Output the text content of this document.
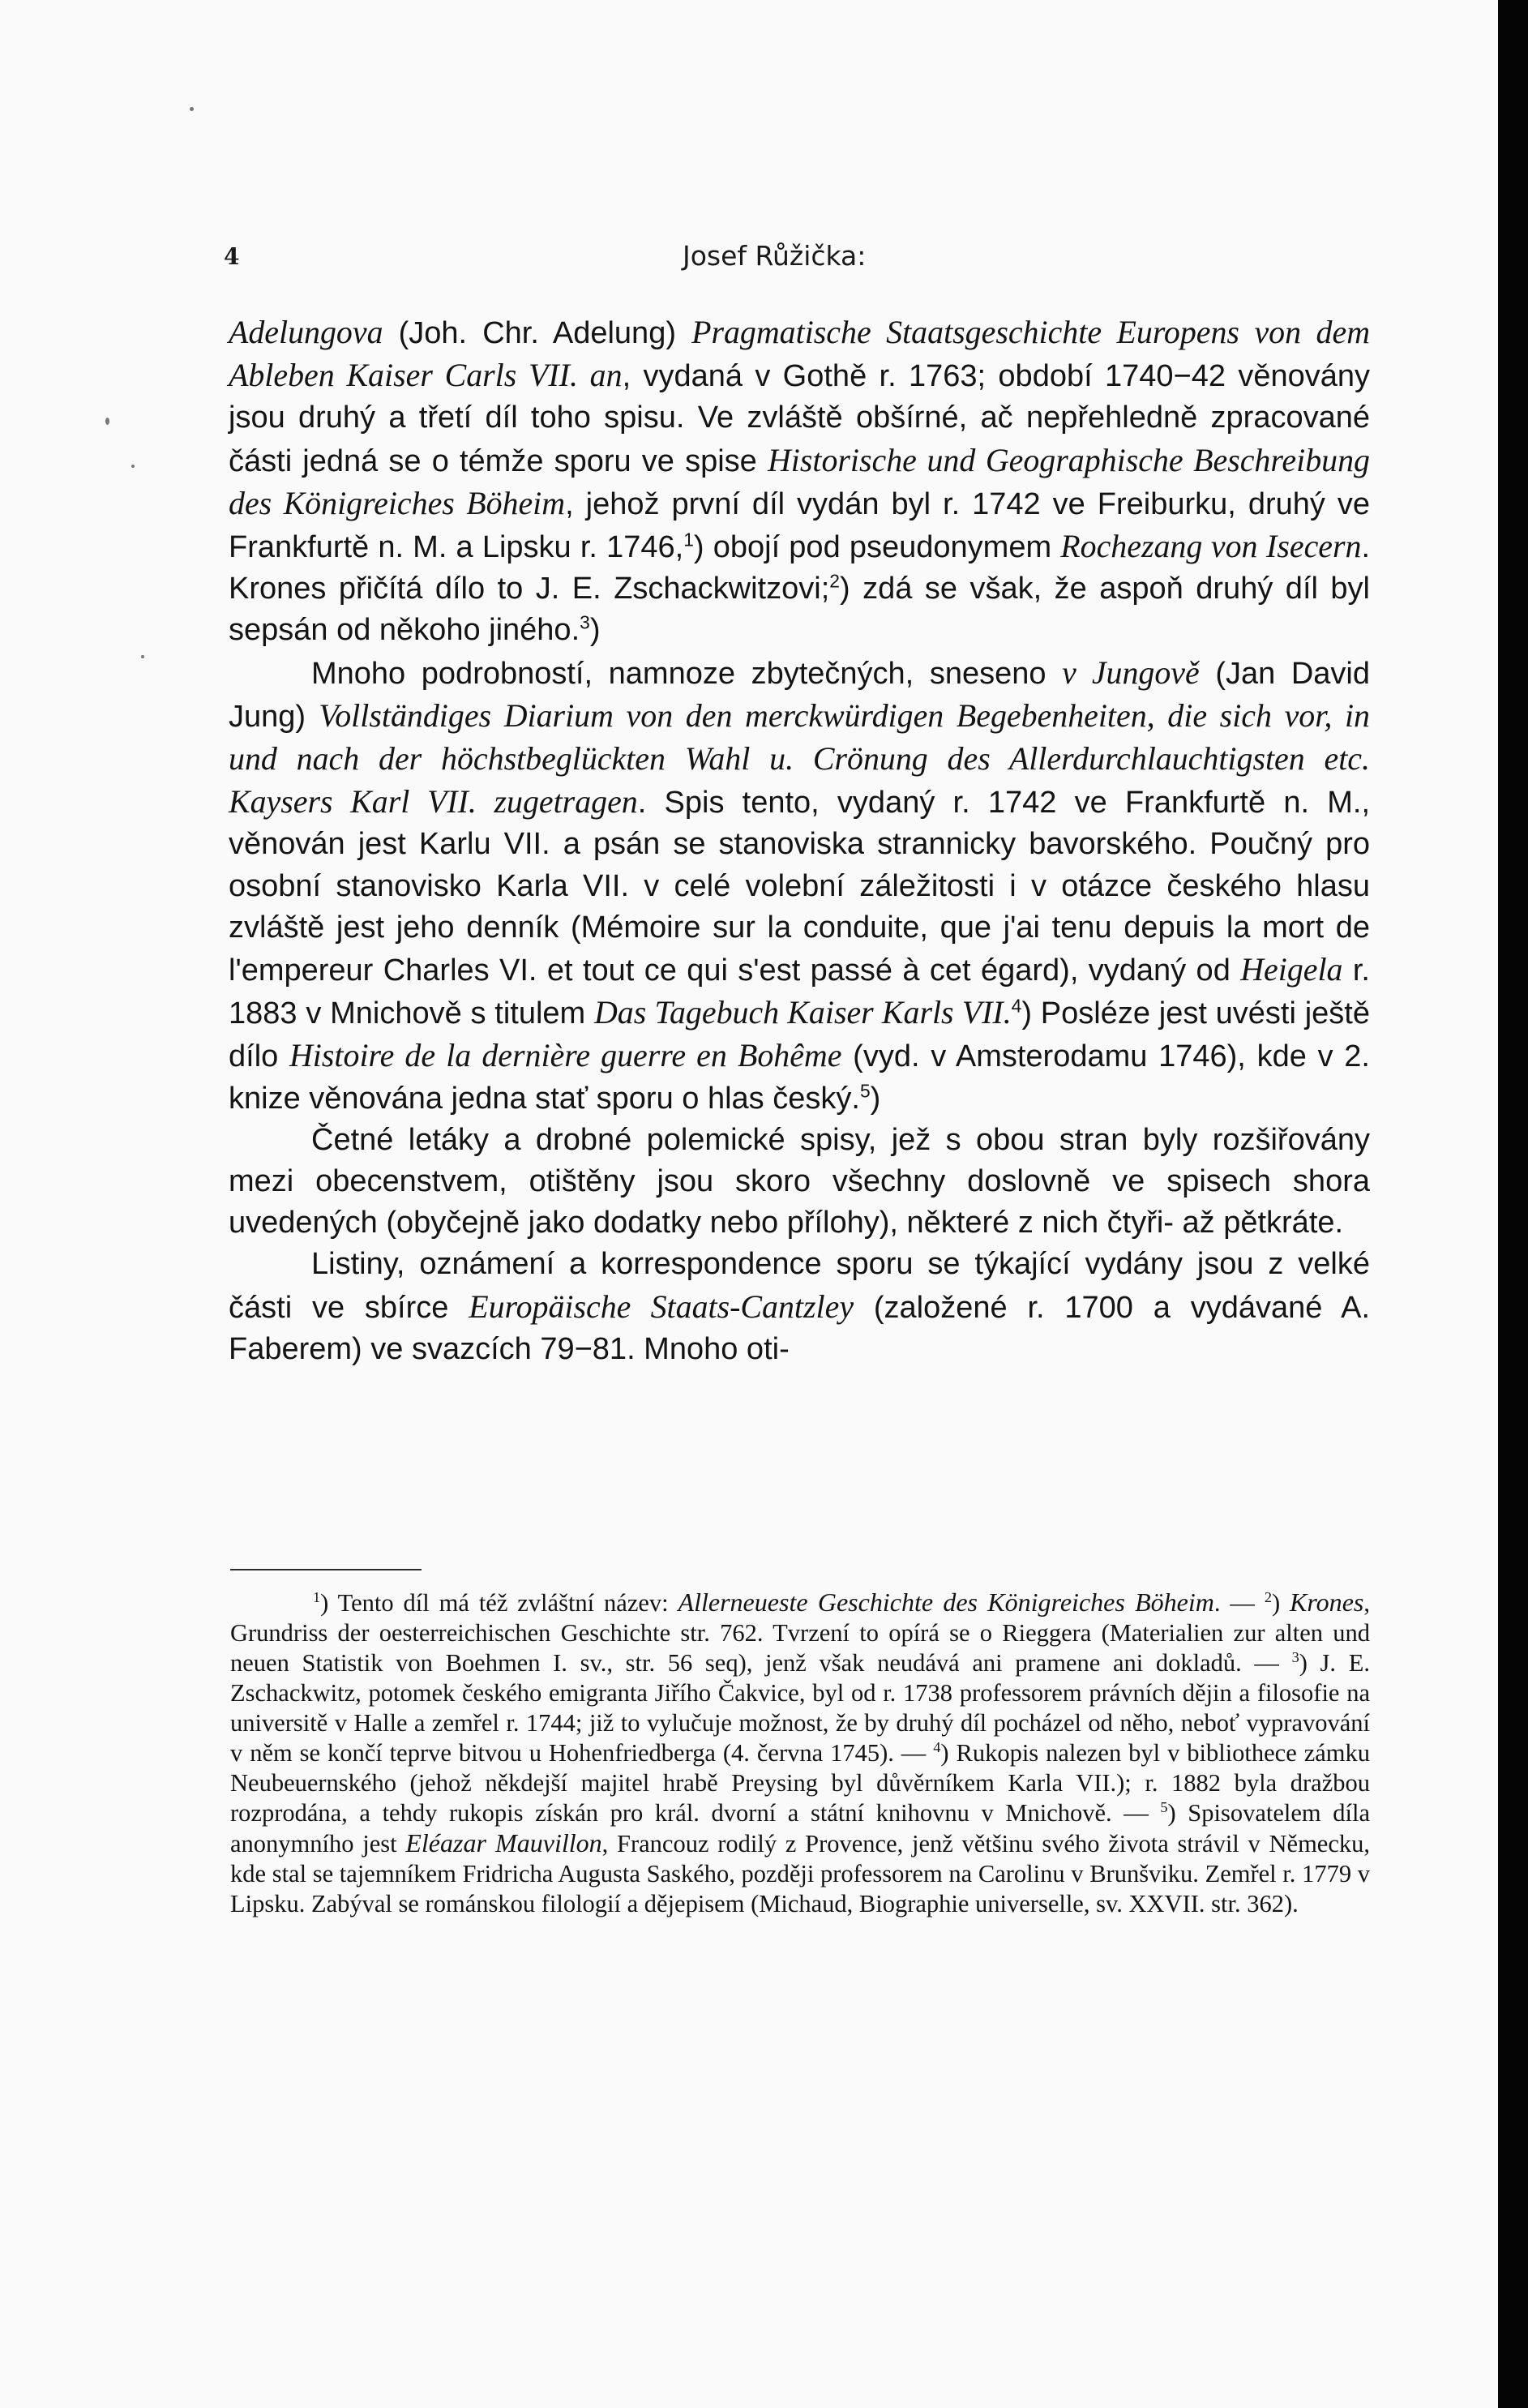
4	Josef Růžička:

Adelungova (Joh. Chr. Adelung) Pragmatische Staatsgeschichte Europens von dem Ableben Kaiser Carls VII. an, vydaná v Gothě r. 1763; období 1740−42 věnovány jsou druhý a třetí díl toho spisu. Ve zvláště obšírné, ač nepřehledně zpracované části jedná se o témže sporu ve spise Historische und Geographische Beschreibung des Königreiches Böheim, jehož první díl vydán byl r. 1742 ve Freiburku, druhý ve Frankfurtě n. M. a Lipsku r. 1746,$^1$) obojí pod pseudonymem Rochezang von Isecern. Krones přičítá dílo to J. E. Zschackwitzovi;$^2$) zdá se však, že aspoň druhý díl byl sepsán od někoho jiného.$^3$)

Mnoho podrobností, namnoze zbytečných, sneseno v Jungově (Jan David Jung) Vollständiges Diarium von den merckwürdigen Begebenheiten, die sich vor, in und nach der höchstbeglückten Wahl u. Crönung des Allerdurchlauchtigsten etc. Kaysers Karl VII. zugetragen. Spis tento, vydaný r. 1742 ve Frankfurtě n. M., věnován jest Karlu VII. a psán se stanoviska strannicky bavorského. Poučný pro osobní stanovisko Karla VII. v celé volební záležitosti i v otázce českého hlasu zvláště jest jeho denník (Mémoire sur la conduite, que j'ai tenu depuis la mort de l'empereur Charles VI. et tout ce qui s'est passé à cet égard), vydaný od Heigela r. 1883 v Mnichově s titulem Das Tagebuch Kaiser Karls VII.$^4$) Posléze jest uvésti ještě dílo Histoire de la dernière guerre en Bohême (vyd. v Amsterodamu 1746), kde v 2. knize věnována jedna stať sporu o hlas český.$^5$)

Četné letáky a drobné polemické spisy, jež s obou stran byly rozšiřovány mezi obecenstvem, otištěny jsou skoro všechny doslovně ve spisech shora uvedených (obyčejně jako dodatky nebo přílohy), některé z nich čtyři- až pětkráte.

Listiny, oznámení a korrespondence sporu se týkající vydány jsou z velké části ve sbírce Europäische Staats-Cantzley (založené r. 1700 a vydávané A. Faberem) ve svazcích 79−81. Mnoho oti-

$^1$) Tento díl má též zvláštní název: Allerneueste Geschichte des Königreiches Böheim. — $^2$) Krones, Grundriss der oesterreichischen Geschichte str. 762. Tvrzení to opírá se o Rieggera (Materialien zur alten und neuen Statistik von Boehmen I. sv., str. 56 seq), jenž však neudává ani pramene ani dokladů. — $^3$) J. E. Zschackwitz, potomek českého emigranta Jiřího Čakvice, byl od r. 1738 professorem právních dějin a filosofie na universitě v Halle a zemřel r. 1744; již to vylučuje možnost, že by druhý díl pocházel od něho, neboť vypravování v něm se končí teprve bitvou u Hohenfriedberga (4. června 1745). — $^4$) Rukopis nalezen byl v bibliothece zámku Neubeuernského (jehož někdejší majitel hrabě Preysing byl důvěrníkem Karla VII.); r. 1882 byla dražbou rozprodána, a tehdy rukopis získán pro král. dvorní a státní knihovnu v Mnichově. — $^5$) Spisovatelem díla anonymního jest Eléazar Mauvillon, Francouz rodilý z Provence, jenž většinu svého života strávil v Německu, kde stal se tajemníkem Fridricha Augusta Saského, později professorem na Carolinu v Brunšviku. Zemřel r. 1779 v Lipsku. Zabýval se románskou filologií a dějepisem (Michaud, Biographie universelle, sv. XXVII. str. 362).
